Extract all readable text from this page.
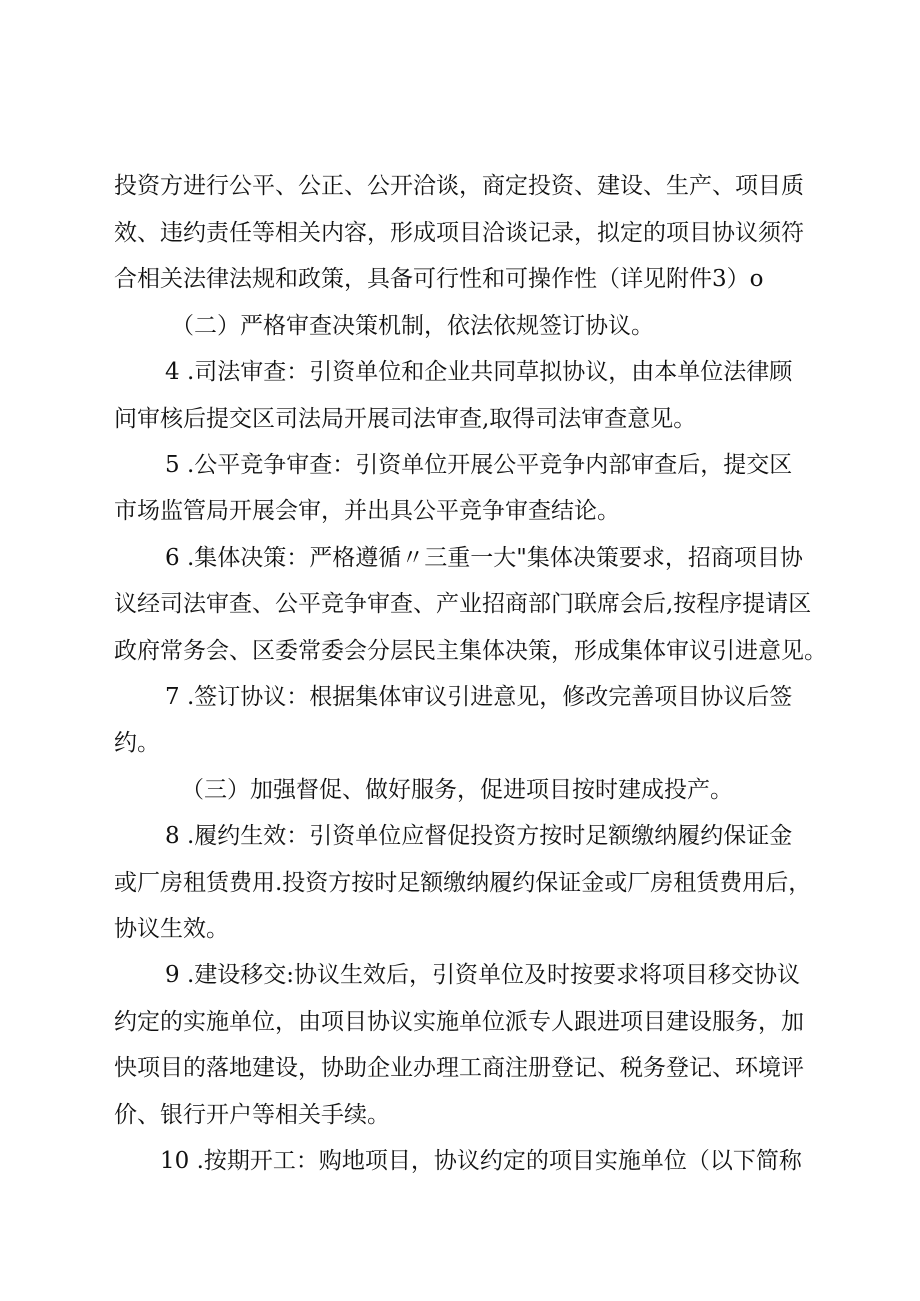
投资方进行公平、公正、公开洽谈，商定投资、建设、生产、项目质
效、违约责任等相关内容，形成项目洽谈记录，拟定的项目协议须符
合相关法律法规和政策，具备可行性和可操作性（详见附件3）o
（二）严格审查决策机制，依法依规签订协议。
4 .司法审查：引资单位和企业共同草拟协议，由本单位法律顾
问审核后提交区司法局开展司法审查,取得司法审查意见。
5 .公平竞争审查：引资单位开展公平竞争内部审查后，提交区
市场监管局开展会审，并出具公平竞争审查结论。
6 .集体决策：严格遵循〃三重一大"集体决策要求，招商项目协
议经司法审查、公平竞争审查、产业招商部门联席会后,按程序提请区
政府常务会、区委常委会分层民主集体决策，形成集体审议引进意见。
7 .签订协议：根据集体审议引进意见，修改完善项目协议后签
约。
（三）加强督促、做好服务，促进项目按时建成投产。
8 .履约生效：引资单位应督促投资方按时足额缴纳履约保证金
或厂房租赁费用.投资方按时足额缴纳履约保证金或厂房租赁费用后，
协议生效。
9 .建设移交:协议生效后，引资单位及时按要求将项目移交协议
约定的实施单位，由项目协议实施单位派专人跟进项目建设服务，加
快项目的落地建设，协助企业办理工商注册登记、税务登记、环境评
价、银行开户等相关手续。
10 .按期开工：购地项目，协议约定的项目实施单位（以下简称
